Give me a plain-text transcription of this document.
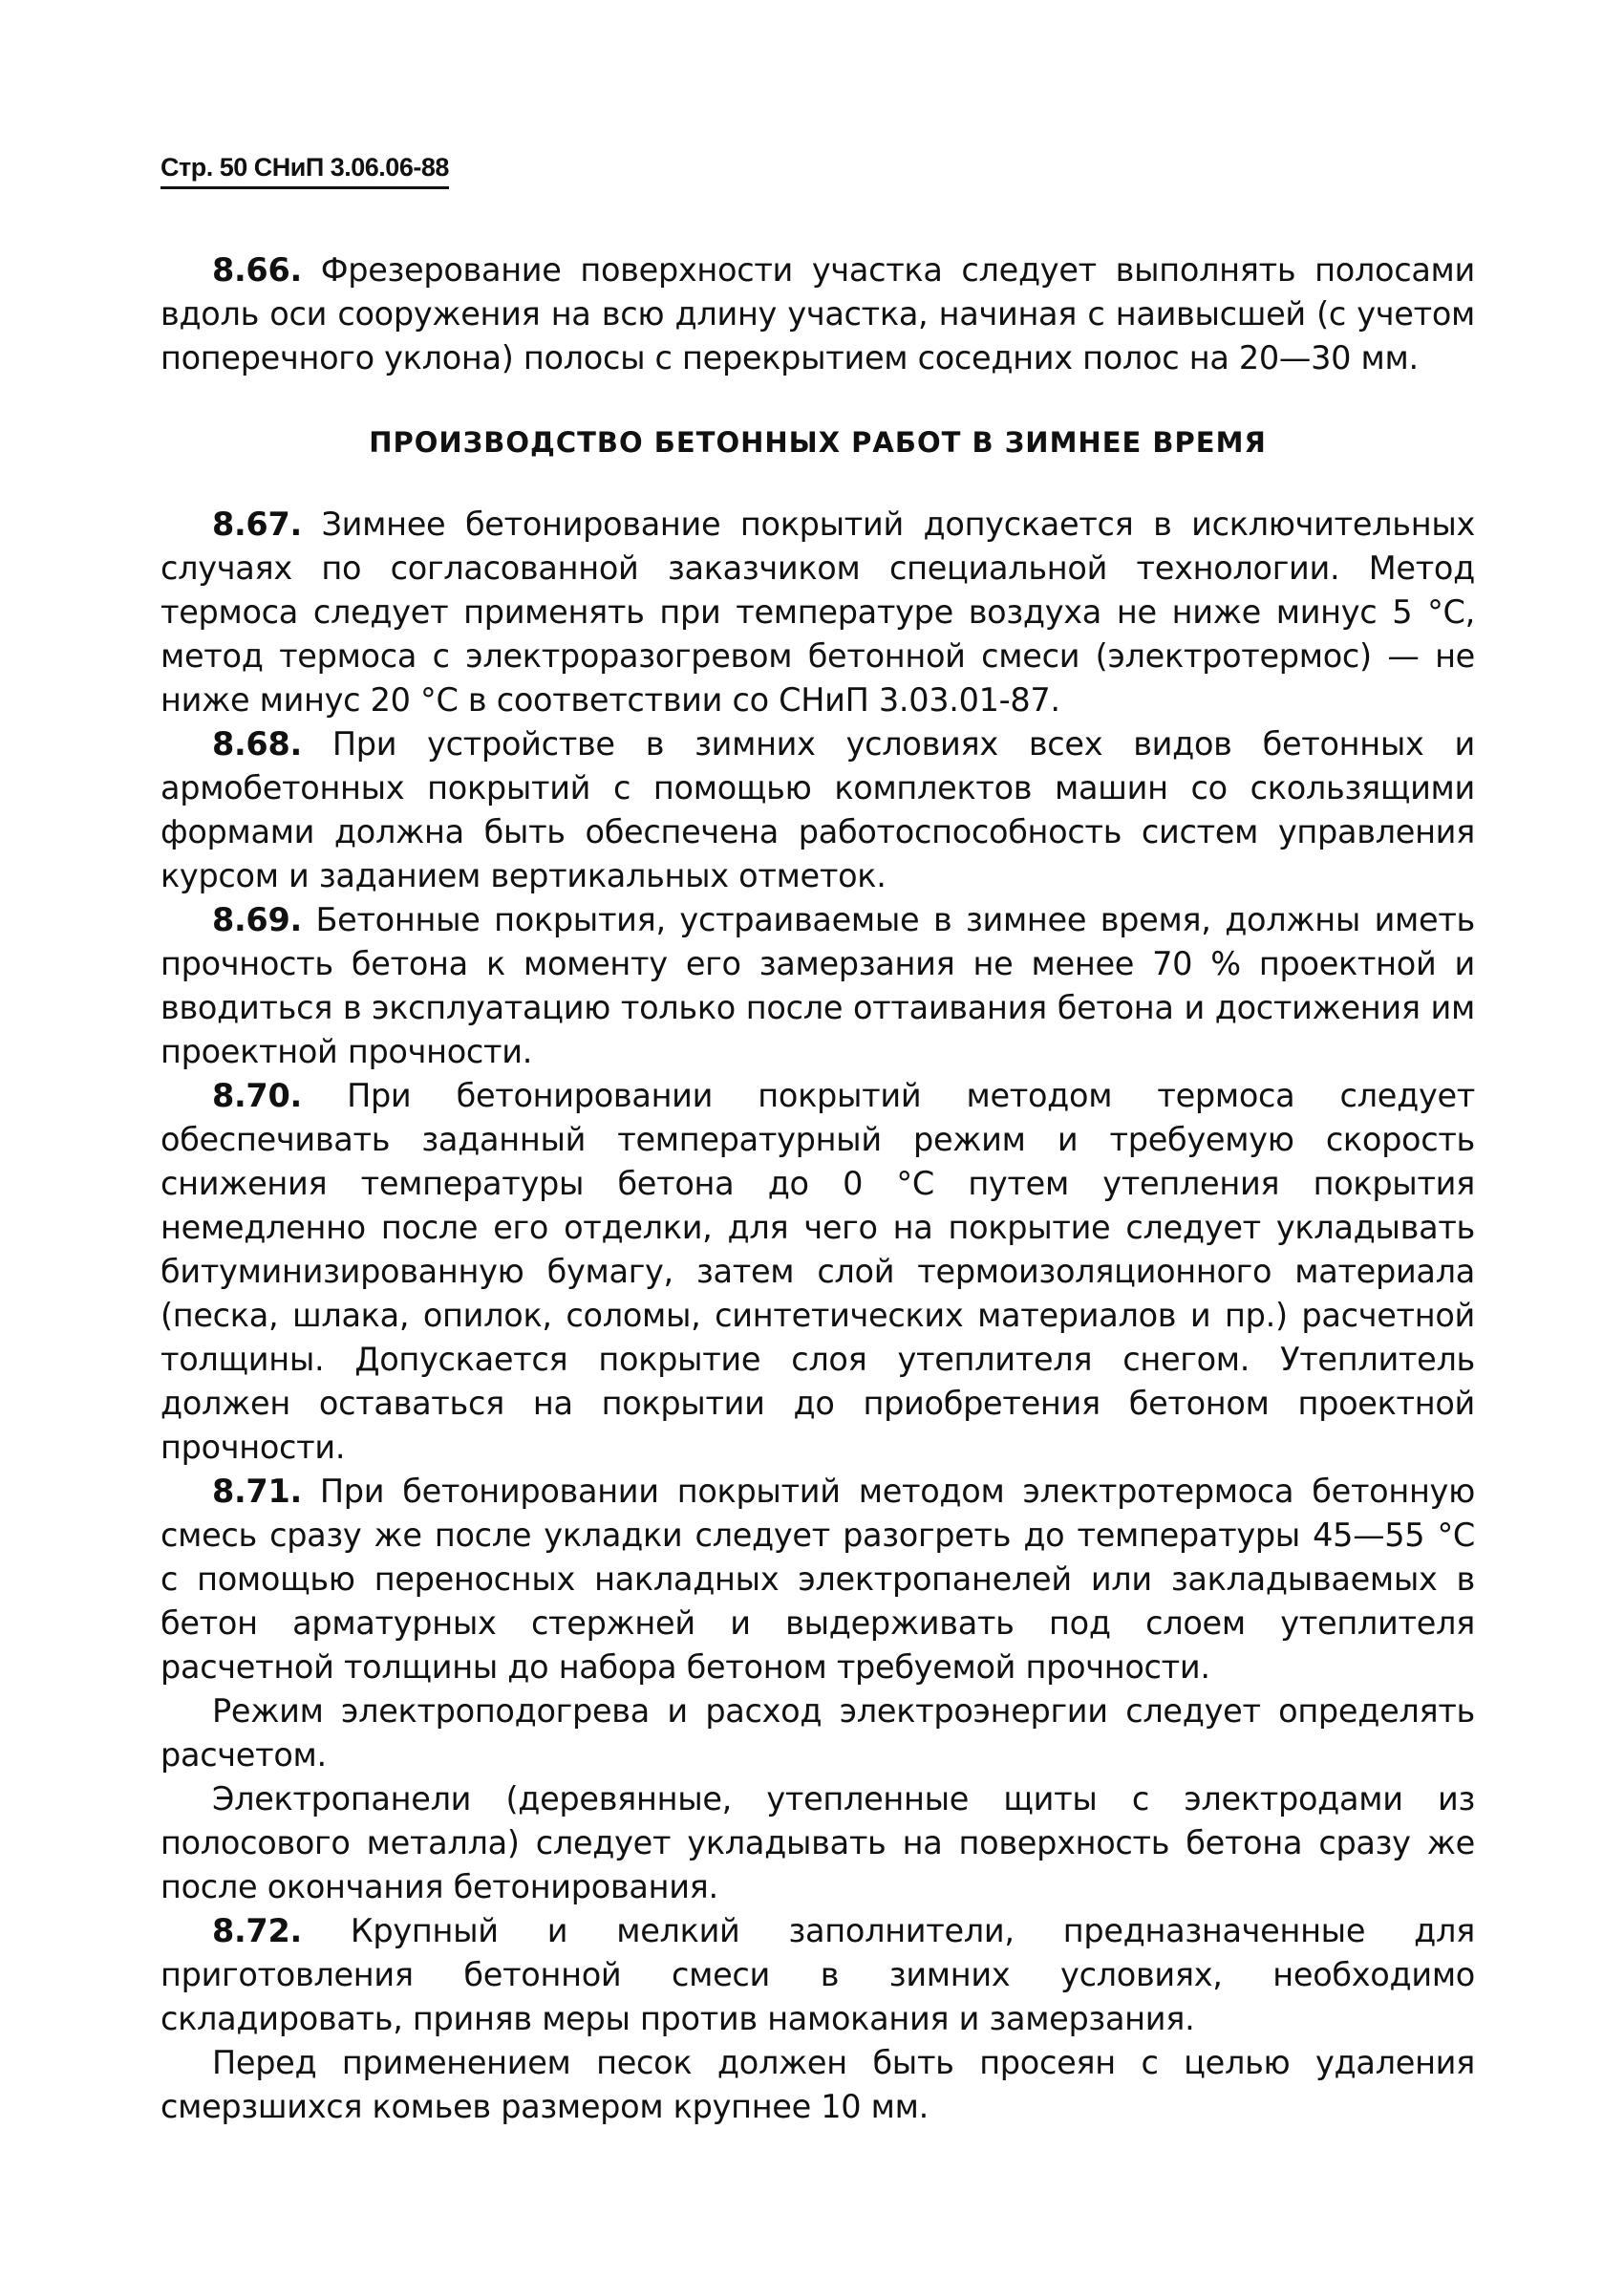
Стр. 50 СНиП 3.06.06-88

8.66. Фрезерование поверхности участка следует выполнять полосами вдоль оси сооружения на всю длину участка, начиная с наивысшей (с учетом поперечного уклона) полосы с перекрытием соседних полос на 20—30 мм.

ПРОИЗВОДСТВО БЕТОННЫХ РАБОТ В ЗИМНЕЕ ВРЕМЯ

8.67. Зимнее бетонирование покрытий допускается в исключительных случаях по согласованной заказчиком специальной технологии. Метод термоса следует применять при температуре воздуха не ниже минус 5 °С, метод термоса с электроразогревом бетонной смеси (электротермос) — не ниже минус 20 °С в соответствии со СНиП 3.03.01-87.

8.68. При устройстве в зимних условиях всех видов бетонных и армобетонных покрытий с помощью комплектов машин со скользящими формами должна быть обеспечена работоспособность систем управления курсом и заданием вертикальных отметок.

8.69. Бетонные покрытия, устраиваемые в зимнее время, должны иметь прочность бетона к моменту его замерзания не менее 70 % проектной и вводиться в эксплуатацию только после оттаивания бетона и достижения им проектной прочности.

8.70. При бетонировании покрытий методом термоса следует обеспечивать заданный температурный режим и требуемую скорость снижения температуры бетона до 0 °С путем утепления покрытия немедленно после его отделки, для чего на покрытие следует укладывать битуминизированную бумагу, затем слой термоизоляционного материала (песка, шлака, опилок, соломы, синтетических материалов и пр.) расчетной толщины. Допускается покрытие слоя утеплителя снегом. Утеплитель должен оставаться на покрытии до приобретения бетоном проектной прочности.

8.71. При бетонировании покрытий методом электротермоса бетонную смесь сразу же после укладки следует разогреть до температуры 45—55 °С с помощью переносных накладных электропанелей или закладываемых в бетон арматурных стержней и выдерживать под слоем утеплителя расчетной толщины до набора бетоном требуемой прочности.

Режим электроподогрева и расход электроэнергии следует определять расчетом.

Электропанели (деревянные, утепленные щиты с электродами из полосового металла) следует укладывать на поверхность бетона сразу же после окончания бетонирования.

8.72. Крупный и мелкий заполнители, предназначенные для приготовления бетонной смеси в зимних условиях, необходимо складировать, приняв меры против намокания и замерзания.

Перед применением песок должен быть просеян с целью удаления смерзшихся комьев размером крупнее 10 мм.
